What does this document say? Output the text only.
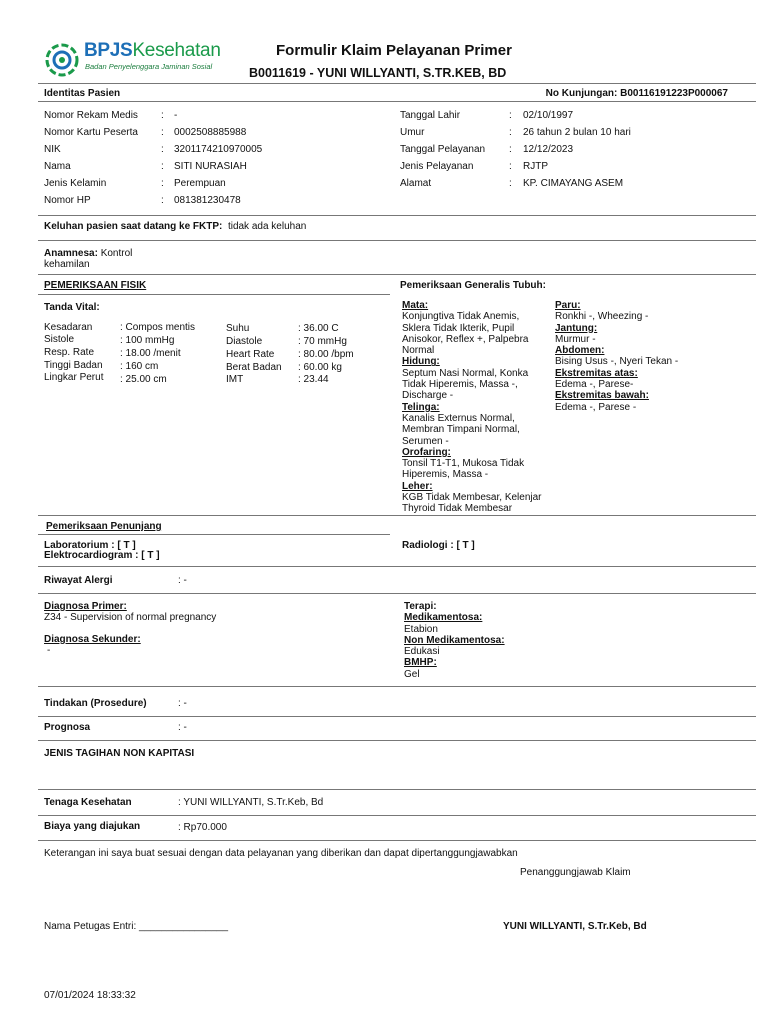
BPJSKesehatan
Badan Penyelenggara Jaminan Sosial
Formulir Klaim Pelayanan Primer
B0011619 - YUNI WILLYANTI, S.TR.KEB, BD
Identitas Pasien	No Kunjungan: B00116191223P000067
Nomor Rekam Medis : -
Nomor Kartu Peserta : 0002508885988
NIK	: 3201174210970005
Nama	: SITI NURASIAH
Jenis Kelamin	: Perempuan
Nomor HP	: 081381230478
Tanggal Lahir	: 02/10/1997
Umur	: 26 tahun 2 bulan 10 hari
Tanggal Pelayanan : 12/12/2023
Jenis Pelayanan	: RJTP
Alamat	: KP. CIMAYANG ASEM
Keluhan pasien saat datang ke FKTP: tidak ada keluhan
Anamnesa: Kontrol
kehamilan
PEMERIKSAAN FISIK	Pemeriksaan Generalis Tubuh:
Tanda Vital:
Kesadaran	: Compos mentis
Sistole	: 100 mmHg
Resp. Rate	: 18.00 /menit
Tinggi Badan : 160 cm
Lingkar Perut : 25.00 cm
Suhu	: 36.00 C
Diastole	: 70 mmHg
Heart Rate : 80.00 /bpm
Berat Badan : 60.00 kg
IMT	: 23.44
Mata:
Konjungtiva Tidak Anemis,
Sklera Tidak Ikterik, Pupil
Anisokor, Reflex +, Palpebra
Normal
Hidung:
Septum Nasi Normal, Konka
Tidak Hiperemis, Massa -,
Discharge -
Telinga:
Kanalis Externus Normal,
Membran Timpani Normal,
Serumen -
Orofaring:
Tonsil T1-T1, Mukosa Tidak
Hiperemis, Massa -
Leher:
KGB Tidak Membesar, Kelenjar
Thyroid Tidak Membesar
Paru:
Ronkhi -, Wheezing -
Jantung:
Murmur -
Abdomen:
Bising Usus -, Nyeri Tekan -
Ekstremitas atas:
Edema -, Parese-
Ekstremitas bawah:
Edema -, Parese -
Pemeriksaan Penunjang
Laboratorium : [ T ]
Elektrocardiogram : [ T ]
Radiologi : [ T ]
Riwayat Alergi	: -
Diagnosa Primer:
Z34 - Supervision of normal pregnancy
Diagnosa Sekunder:
-
Terapi:
Medikamentosa:
Etabion
Non Medikamentosa:
Edukasi
BMHP:
Gel
Tindakan (Prosedure)	: -
Prognosa	: -
JENIS TAGIHAN NON KAPITASI
Tenaga Kesehatan	: YUNI WILLYANTI, S.Tr.Keb, Bd
Biaya yang diajukan	: Rp70.000
Keterangan ini saya buat sesuai dengan data pelayanan yang diberikan dan dapat dipertanggungjawabkan
Penanggungjawab Klaim
Nama Petugas Entri: ________________	YUNI WILLYANTI, S.Tr.Keb, Bd
07/01/2024 18:33:32
